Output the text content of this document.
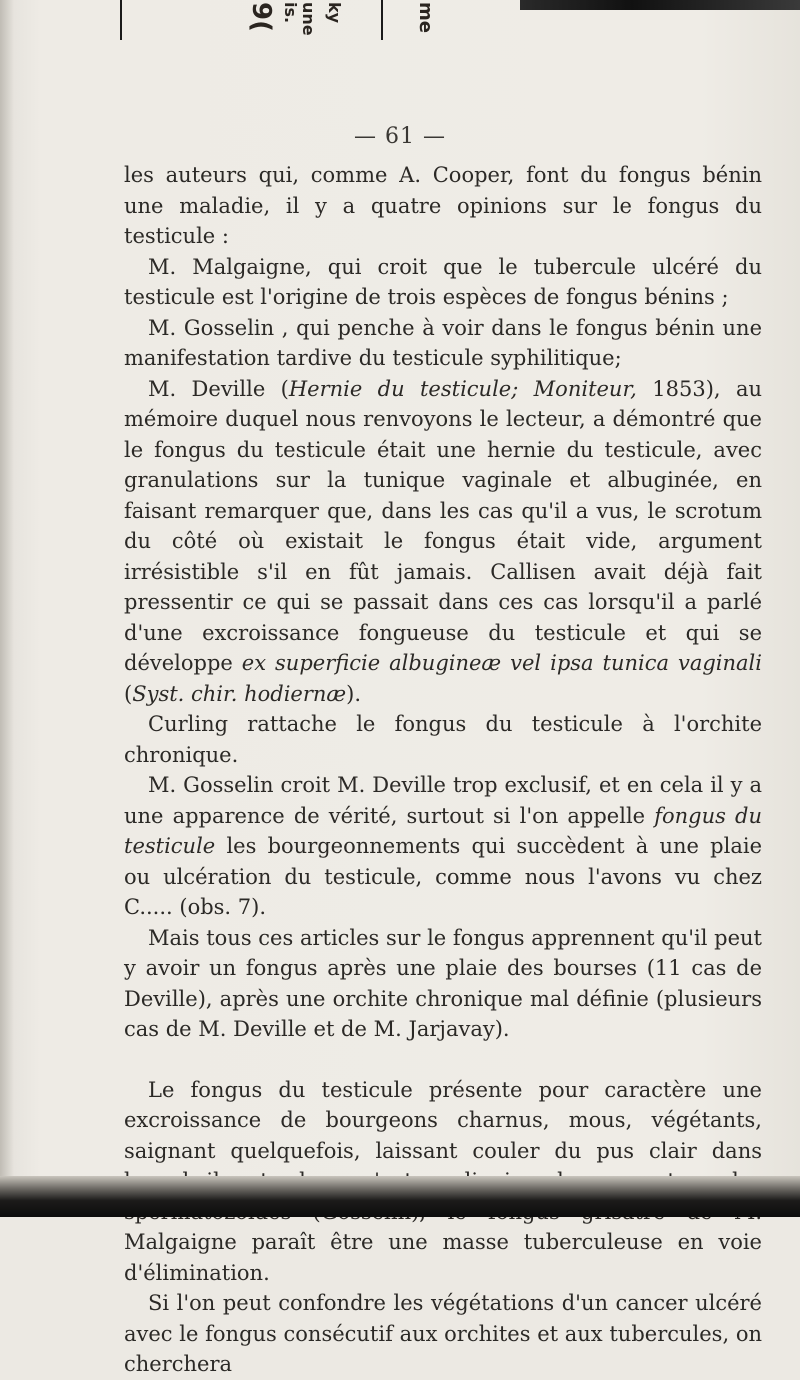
9( is. une ky	me
— 61 —

les auteurs qui, comme A. Cooper, font du fongus bénin une maladie, il y a quatre opinions sur le fongus du testicule :

M. Malgaigne, qui croit que le tubercule ulcéré du testicule est l'origine de trois espèces de fongus bénins ;

M. Gosselin , qui penche à voir dans le fongus bénin une manifestation tardive du testicule syphilitique;

M. Deville (Hernie du testicule; Moniteur, 1853), au mémoire duquel nous renvoyons le lecteur, a démontré que le fongus du testicule était une hernie du testicule, avec granulations sur la tunique vaginale et albuginée, en faisant remarquer que, dans les cas qu'il a vus, le scrotum du côté où existait le fongus était vide, argument irrésistible s'il en fût jamais. Callisen avait déjà fait pressentir ce qui se passait dans ces cas lorsqu'il a parlé d'une excroissance fongueuse du testicule et qui se développe ex superficie albugineæ vel ipsa tunica vaginali (Syst. chir. hodiernæ).

Curling rattache le fongus du testicule à l'orchite chronique.

M. Gosselin croit M. Deville trop exclusif, et en cela il y a une apparence de vérité, surtout si l'on appelle fongus du testicule les bourgeonnements qui succèdent à une plaie ou ulcération du testicule, comme nous l'avons vu chez C..... (obs. 7).

Mais tous ces articles sur le fongus apprennent qu'il peut y avoir un fongus après une plaie des bourses (11 cas de Deville), après une orchite chronique mal définie (plusieurs cas de M. Deville et de M. Jarjavay).

Le fongus du testicule présente pour caractère une excroissance de bourgeons charnus, mous, végétants, saignant quelquefois, laissant couler du pus clair dans Malgaigne paraît être une masse tuberculeuse en voie d'élimination.

Si l'on peut confondre les végétations d'un cancer ulcéré avec le fongus consécutif aux orchites et aux tubercules, on cherchera
